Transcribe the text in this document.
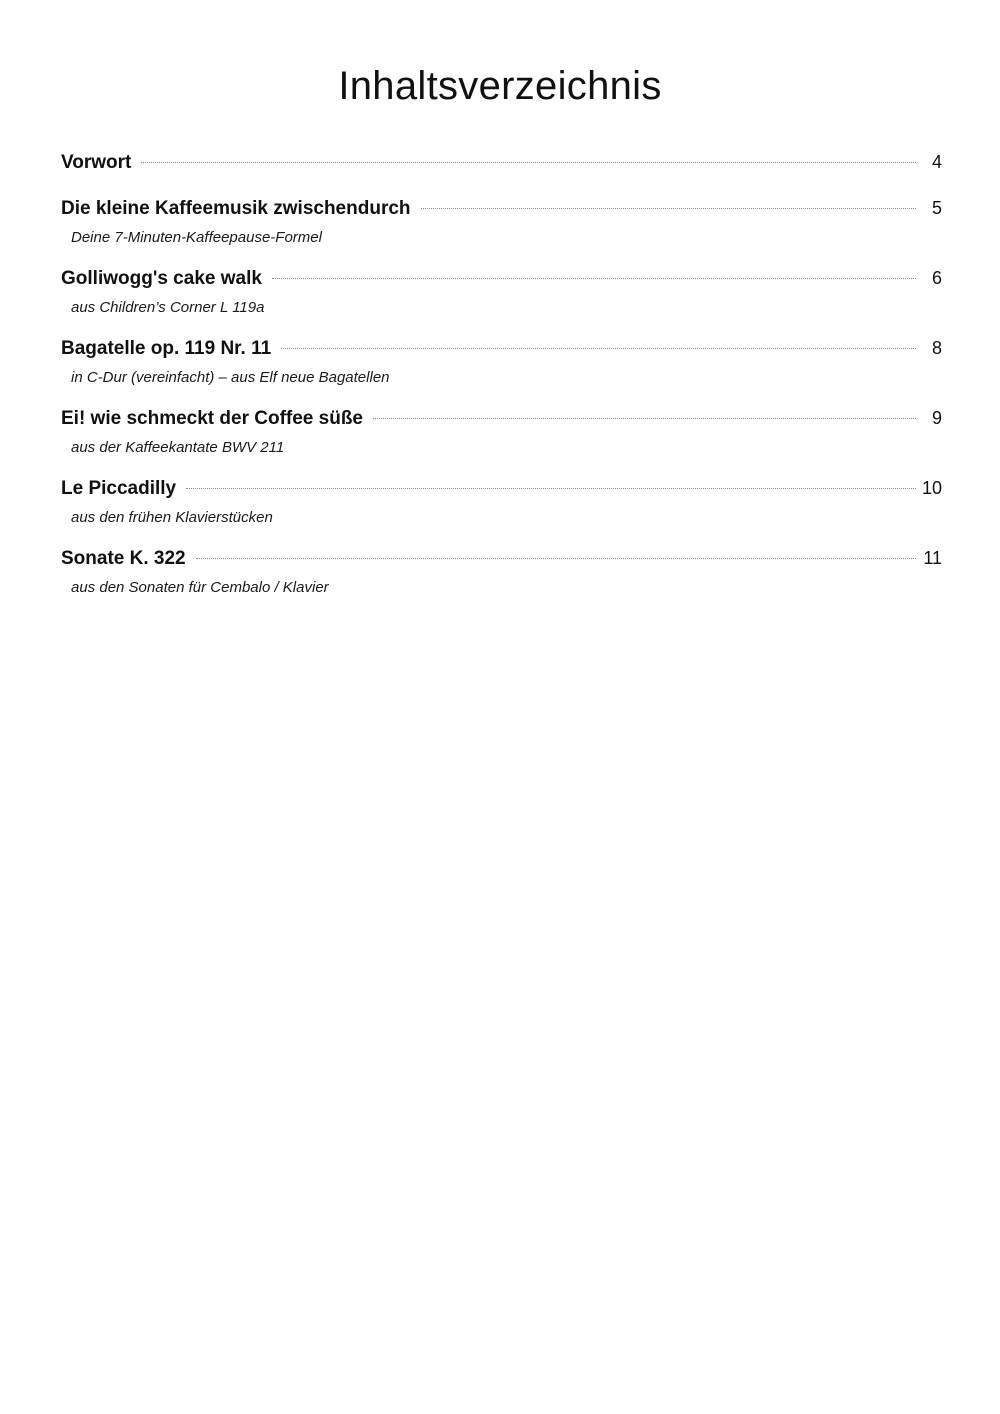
Inhaltsverzeichnis
Vorwort	4
Die kleine Kaffeemusik zwischendurch	5
Deine 7-Minuten-Kaffeepause-Formel
Golliwogg's cake walk	6
aus Children’s Corner L 119a
Bagatelle op. 119 Nr. 11	8
in C-Dur (vereinfacht) – aus Elf neue Bagatellen
Ei! wie schmeckt der Coffee süße	9
aus der Kaffeekantate BWV 211
Le Piccadilly	10
aus den frühen Klavierstücken
Sonate K. 322	11
aus den Sonaten für Cembalo / Klavier
